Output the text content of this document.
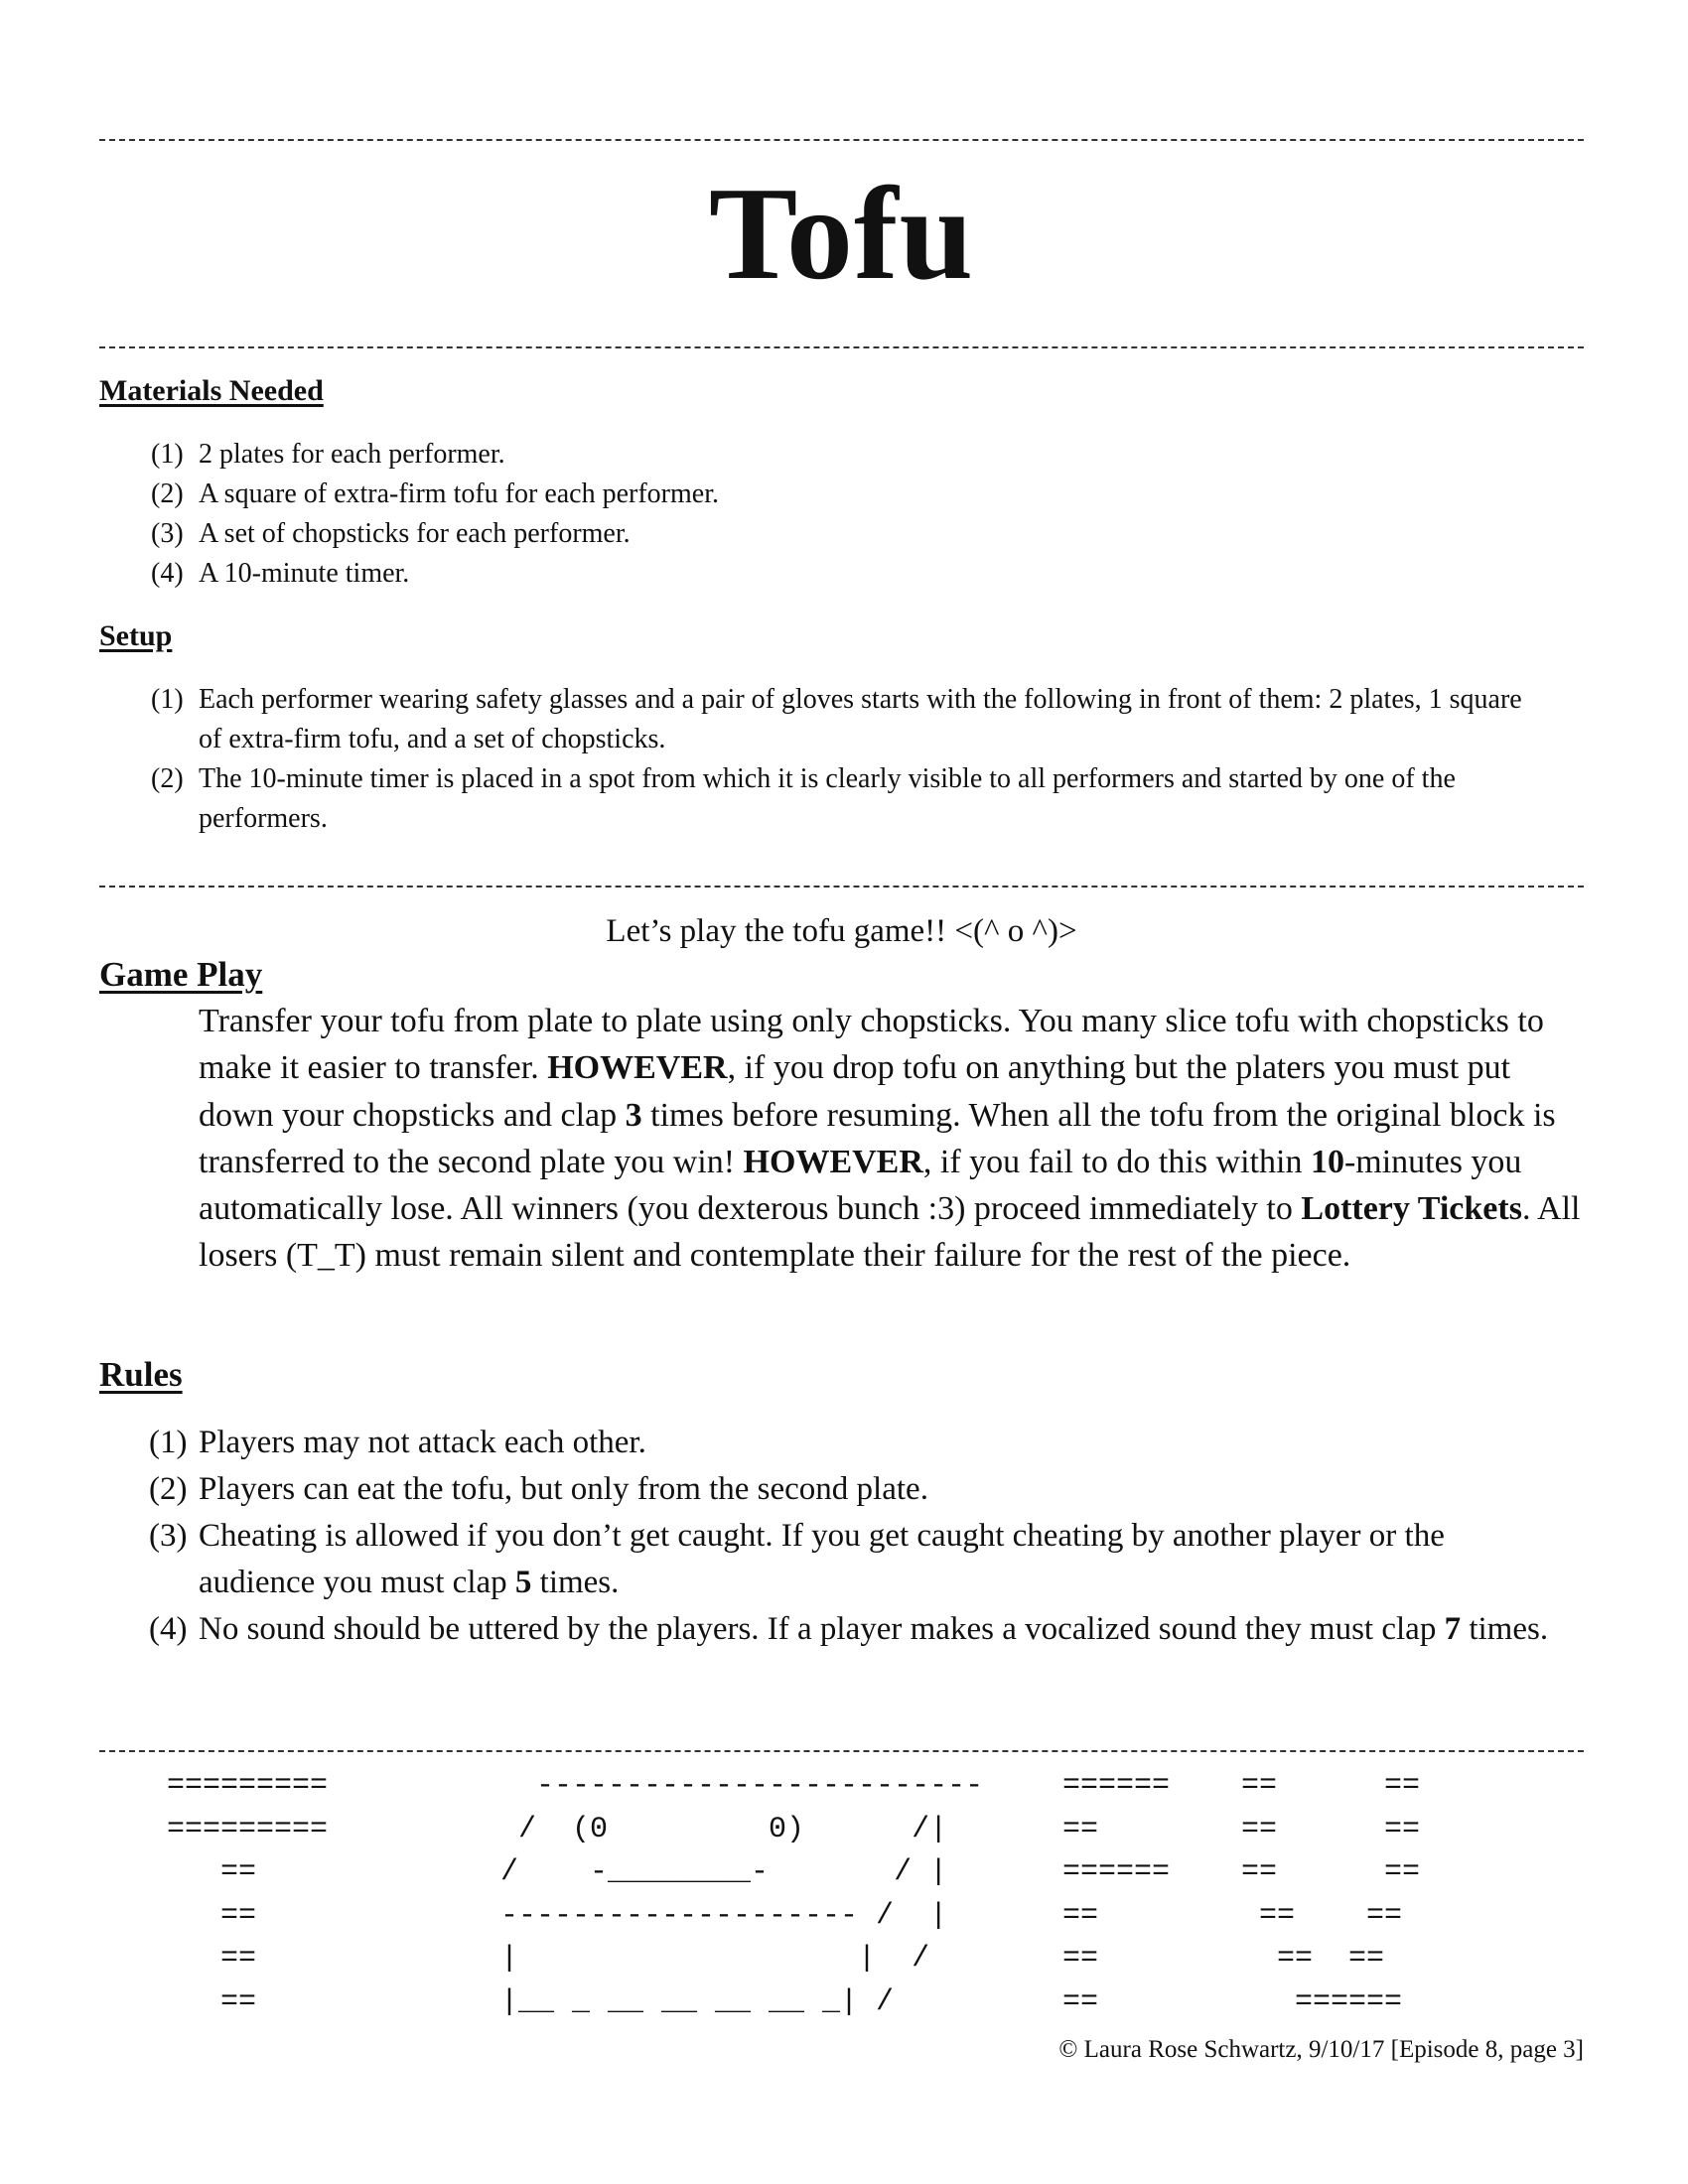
Tofu
Materials Needed
(1) 2 plates for each performer.
(2) A square of extra-firm tofu for each performer.
(3) A set of chopsticks for each performer.
(4) A 10-minute timer.
Setup
(1) Each performer wearing safety glasses and a pair of gloves starts with the following in front of them: 2 plates, 1 square of extra-firm tofu, and a set of chopsticks.
(2) The 10-minute timer is placed in a spot from which it is clearly visible to all performers and started by one of the performers.
Let’s play the tofu game!! <(^ o ^)>
Game Play
Transfer your tofu from plate to plate using only chopsticks. You many slice tofu with chopsticks to make it easier to transfer. HOWEVER, if you drop tofu on anything but the platers you must put down your chopsticks and clap 3 times before resuming. When all the tofu from the original block is transferred to the second plate you win! HOWEVER, if you fail to do this within 10-minutes you automatically lose. All winners (you dexterous bunch :3) proceed immediately to Lottery Tickets. All losers (T_T) must remain silent and contemplate their failure for the rest of the piece.
Rules
(1) Players may not attack each other.
(2) Players can eat the tofu, but only from the second plate.
(3) Cheating is allowed if you don’t get caught. If you get caught cheating by another player or the audience you must clap 5 times.
(4) No sound should be uttered by the players. If a player makes a vocalized sound they must clap 7 times.
=========
=========
==
==
==
==
-------------------------
/  (0         0)      /|
/    -________-       / |
-------------------- /  |
|                   |  /
|__ _ __ __ __ __ _| /
======    ==      ==
==        ==      ==
======    ==      ==
==         ==    ==
==          ==  ==
==           ======
© Laura Rose Schwartz, 9/10/17 [Episode 8, page 3]
